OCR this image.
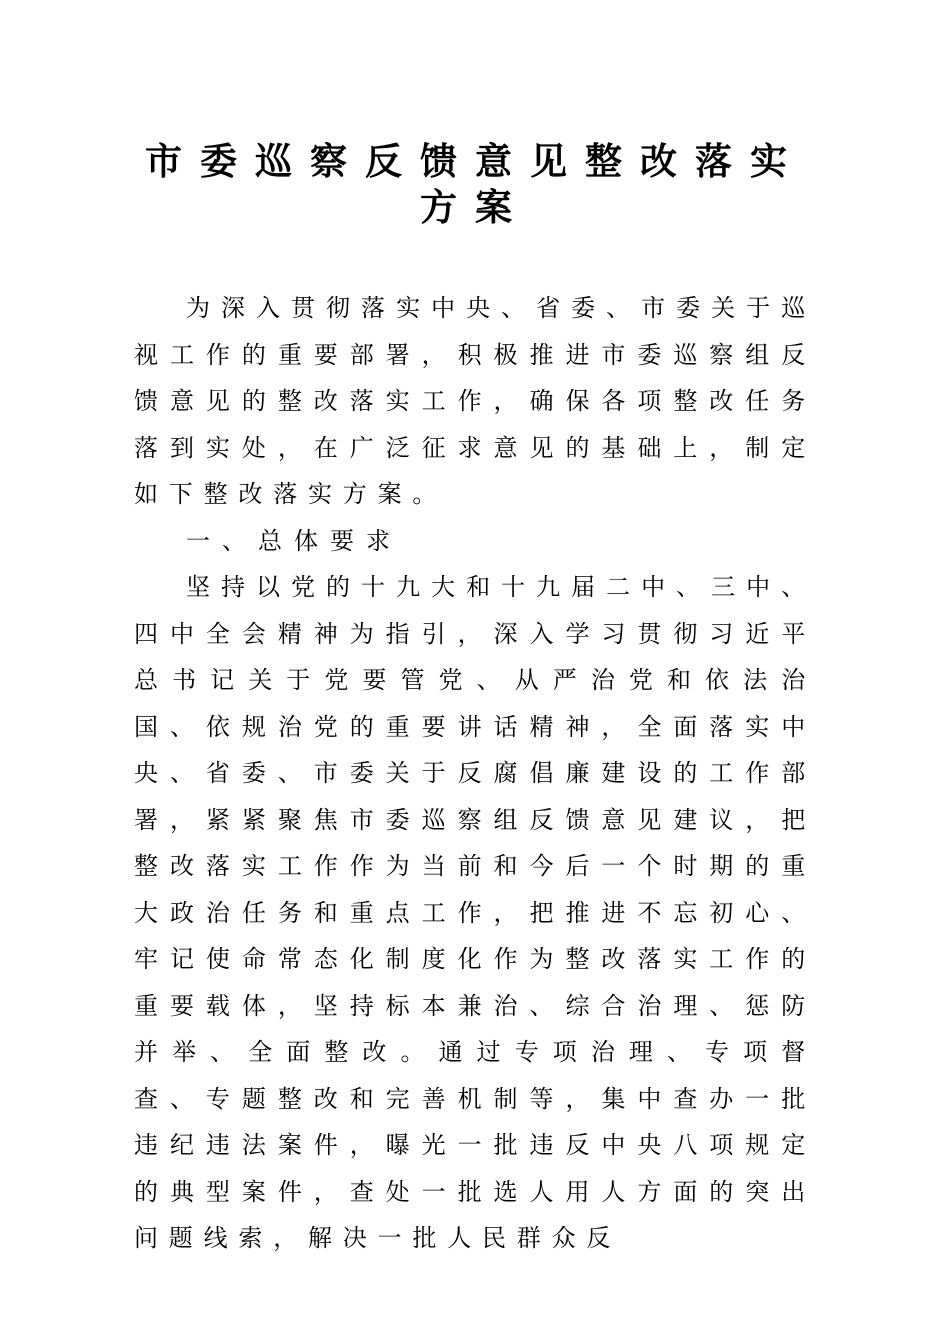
市委巡察反馈意见整改落实方案

为深入贯彻落实中央、省委、市委关于巡视工作的重要部署，积极推进市委巡察组反馈意见的整改落实工作，确保各项整改任务落到实处，在广泛征求意见的基础上，制定如下整改落实方案。

一、总体要求

坚持以党的十九大和十九届二中、三中、四中全会精神为指引，深入学习贯彻习近平总书记关于党要管党、从严治党和依法治国、依规治党的重要讲话精神，全面落实中央、省委、市委关于反腐倡廉建设的工作部署，紧紧聚焦市委巡察组反馈意见建议，把整改落实工作作为当前和今后一个时期的重大政治任务和重点工作，把推进不忘初心、牢记使命常态化制度化作为整改落实工作的重要载体，坚持标本兼治、综合治理、惩防并举、全面整改。通过专项治理、专项督查、专题整改和完善机制等，集中查办一批违纪违法案件，曝光一批违反中央八项规定的典型案件，查处一批选人用人方面的突出问题线索，解决一批人民群众反
